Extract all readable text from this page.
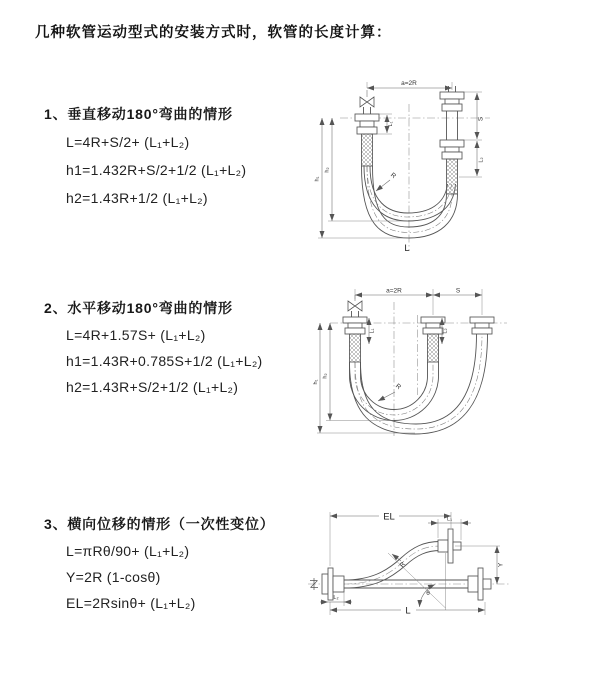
几种软管运动型式的安装方式时，软管的长度计算：
1、垂直移动180°弯曲的情形
L=4R+S/2+ (L₁+L₂)
h1=1.432R+S/2+1/2 (L₁+L₂)
h2=1.43R+1/2 (L₁+L₂)
2、水平移动180°弯曲的情形
L=4R+1.57S+ (L₁+L₂)
h1=1.43R+0.785S+1/2 (L₁+L₂)
h2=1.43R+S/2+1/2 (L₁+L₂)
3、横向位移的情形（一次性变位）
L=πRθ/90+ (L₁+L₂)
Y=2R (1-cosθ)
EL=2Rsinθ+ (L₁+L₂)
a=2R
S
L₂
h₁
h₂
L₁
R
L
a=2R	S
h₁
h₂
L₁	L₂
R
θ
R
EL	L₁
Y
L
L₂
